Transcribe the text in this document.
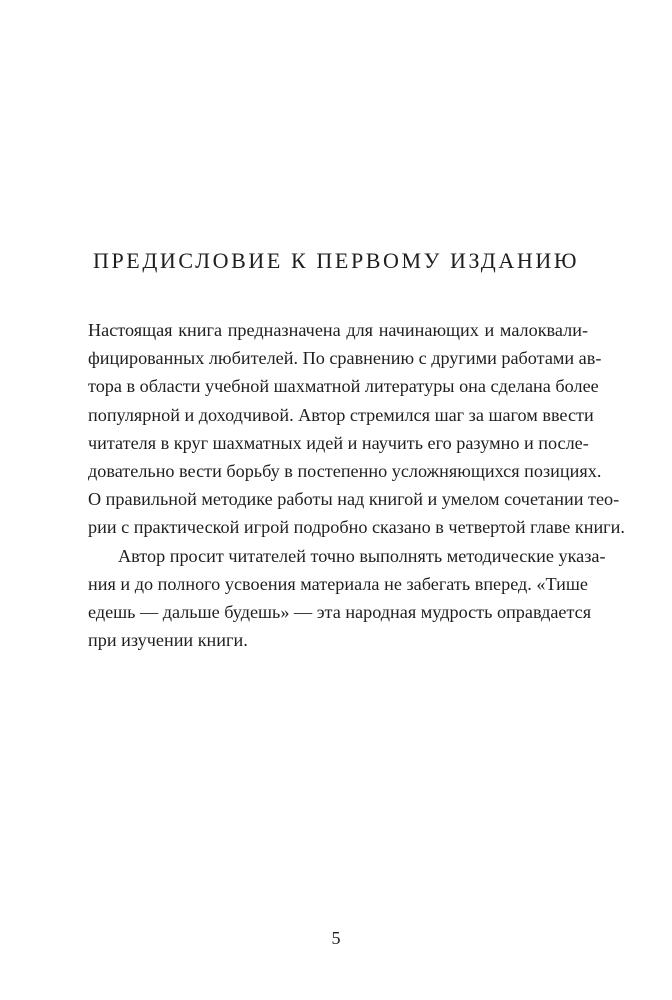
ПРЕДИСЛОВИЕ К ПЕРВОМУ ИЗДАНИЮ
Настоящая книга предназначена для начинающих и малоквали-
фицированных любителей. По сравнению с другими работами ав-
тора в области учебной шахматной литературы она сделана более
популярной и доходчивой. Автор стремился шаг за шагом ввести
читателя в круг шахматных идей и научить его разумно и после-
довательно вести борьбу в постепенно усложняющихся позициях.
О правильной методике работы над книгой и умелом сочетании тео-
рии с практической игрой подробно сказано в четвертой главе книги.
Автор просит читателей точно выполнять методические указа-
ния и до полного усвоения материала не забегать вперед. «Тише
едешь — дальше будешь» — эта народная мудрость оправдается
при изучении книги.

5
